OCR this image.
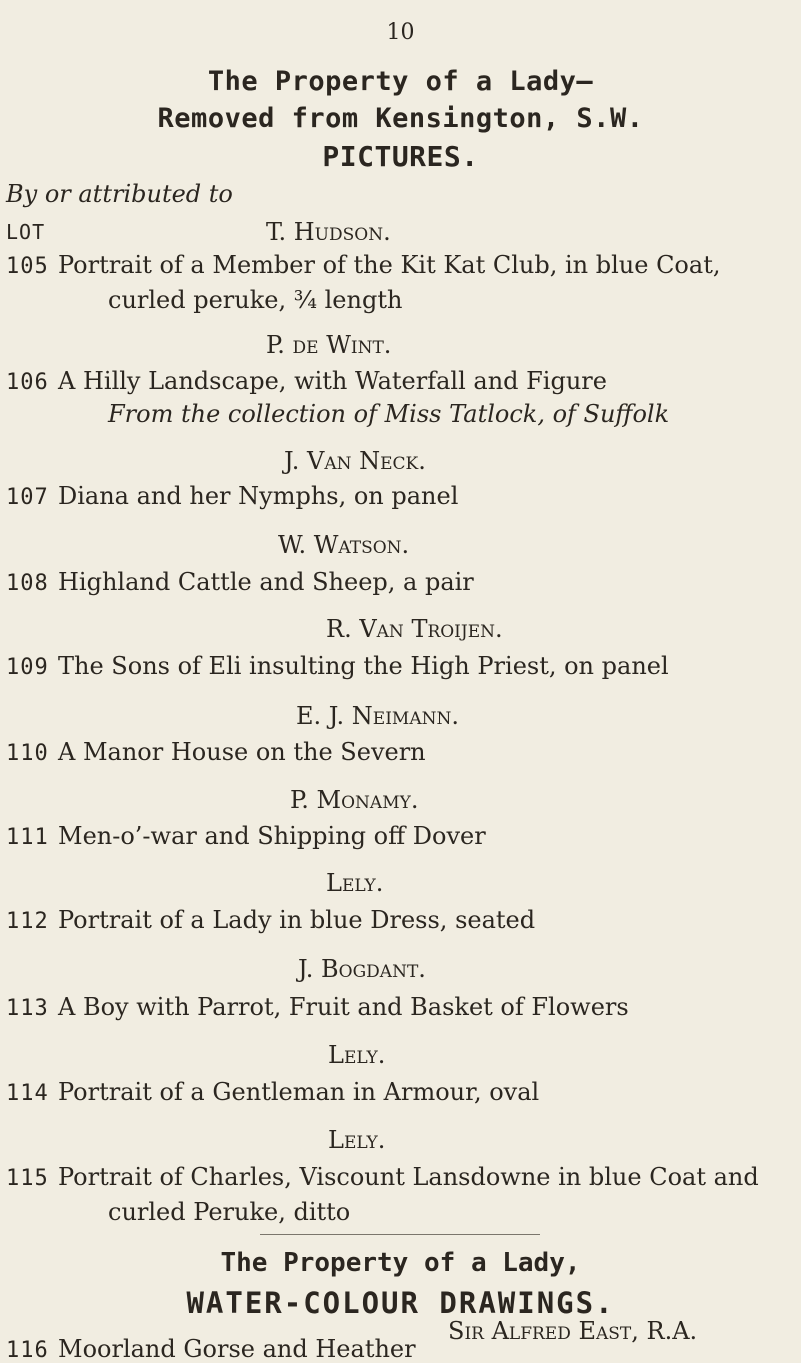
10
The Property of a Lady—
Removed from Kensington, S.W.
PICTURES.
By or attributed to
LOT	T. Hudson.
105 Portrait of a Member of the Kit Kat Club, in blue Coat,
curled peruke, ¾ length
P. de Wint.
106 A Hilly Landscape, with Waterfall and Figure
From the collection of Miss Tatlock, of Suffolk
J. Van Neck.
107 Diana and her Nymphs, on panel
W. Watson.
108 Highland Cattle and Sheep, a pair
R. Van Troijen.
109 The Sons of Eli insulting the High Priest, on panel
E. J. Neimann.
110 A Manor House on the Severn
P. Monamy.
111 Men-o’-war and Shipping off Dover
Lely.
112 Portrait of a Lady in blue Dress, seated
J. Bogdant.
113 A Boy with Parrot, Fruit and Basket of Flowers
Lely.
114 Portrait of a Gentleman in Armour, oval
Lely.
115 Portrait of Charles, Viscount Lansdowne in blue Coat and
curled Peruke, ditto
The Property of a Lady,
WATER-COLOUR DRAWINGS.
Sir Alfred East, R.A.
116 Moorland Gorse and Heather
